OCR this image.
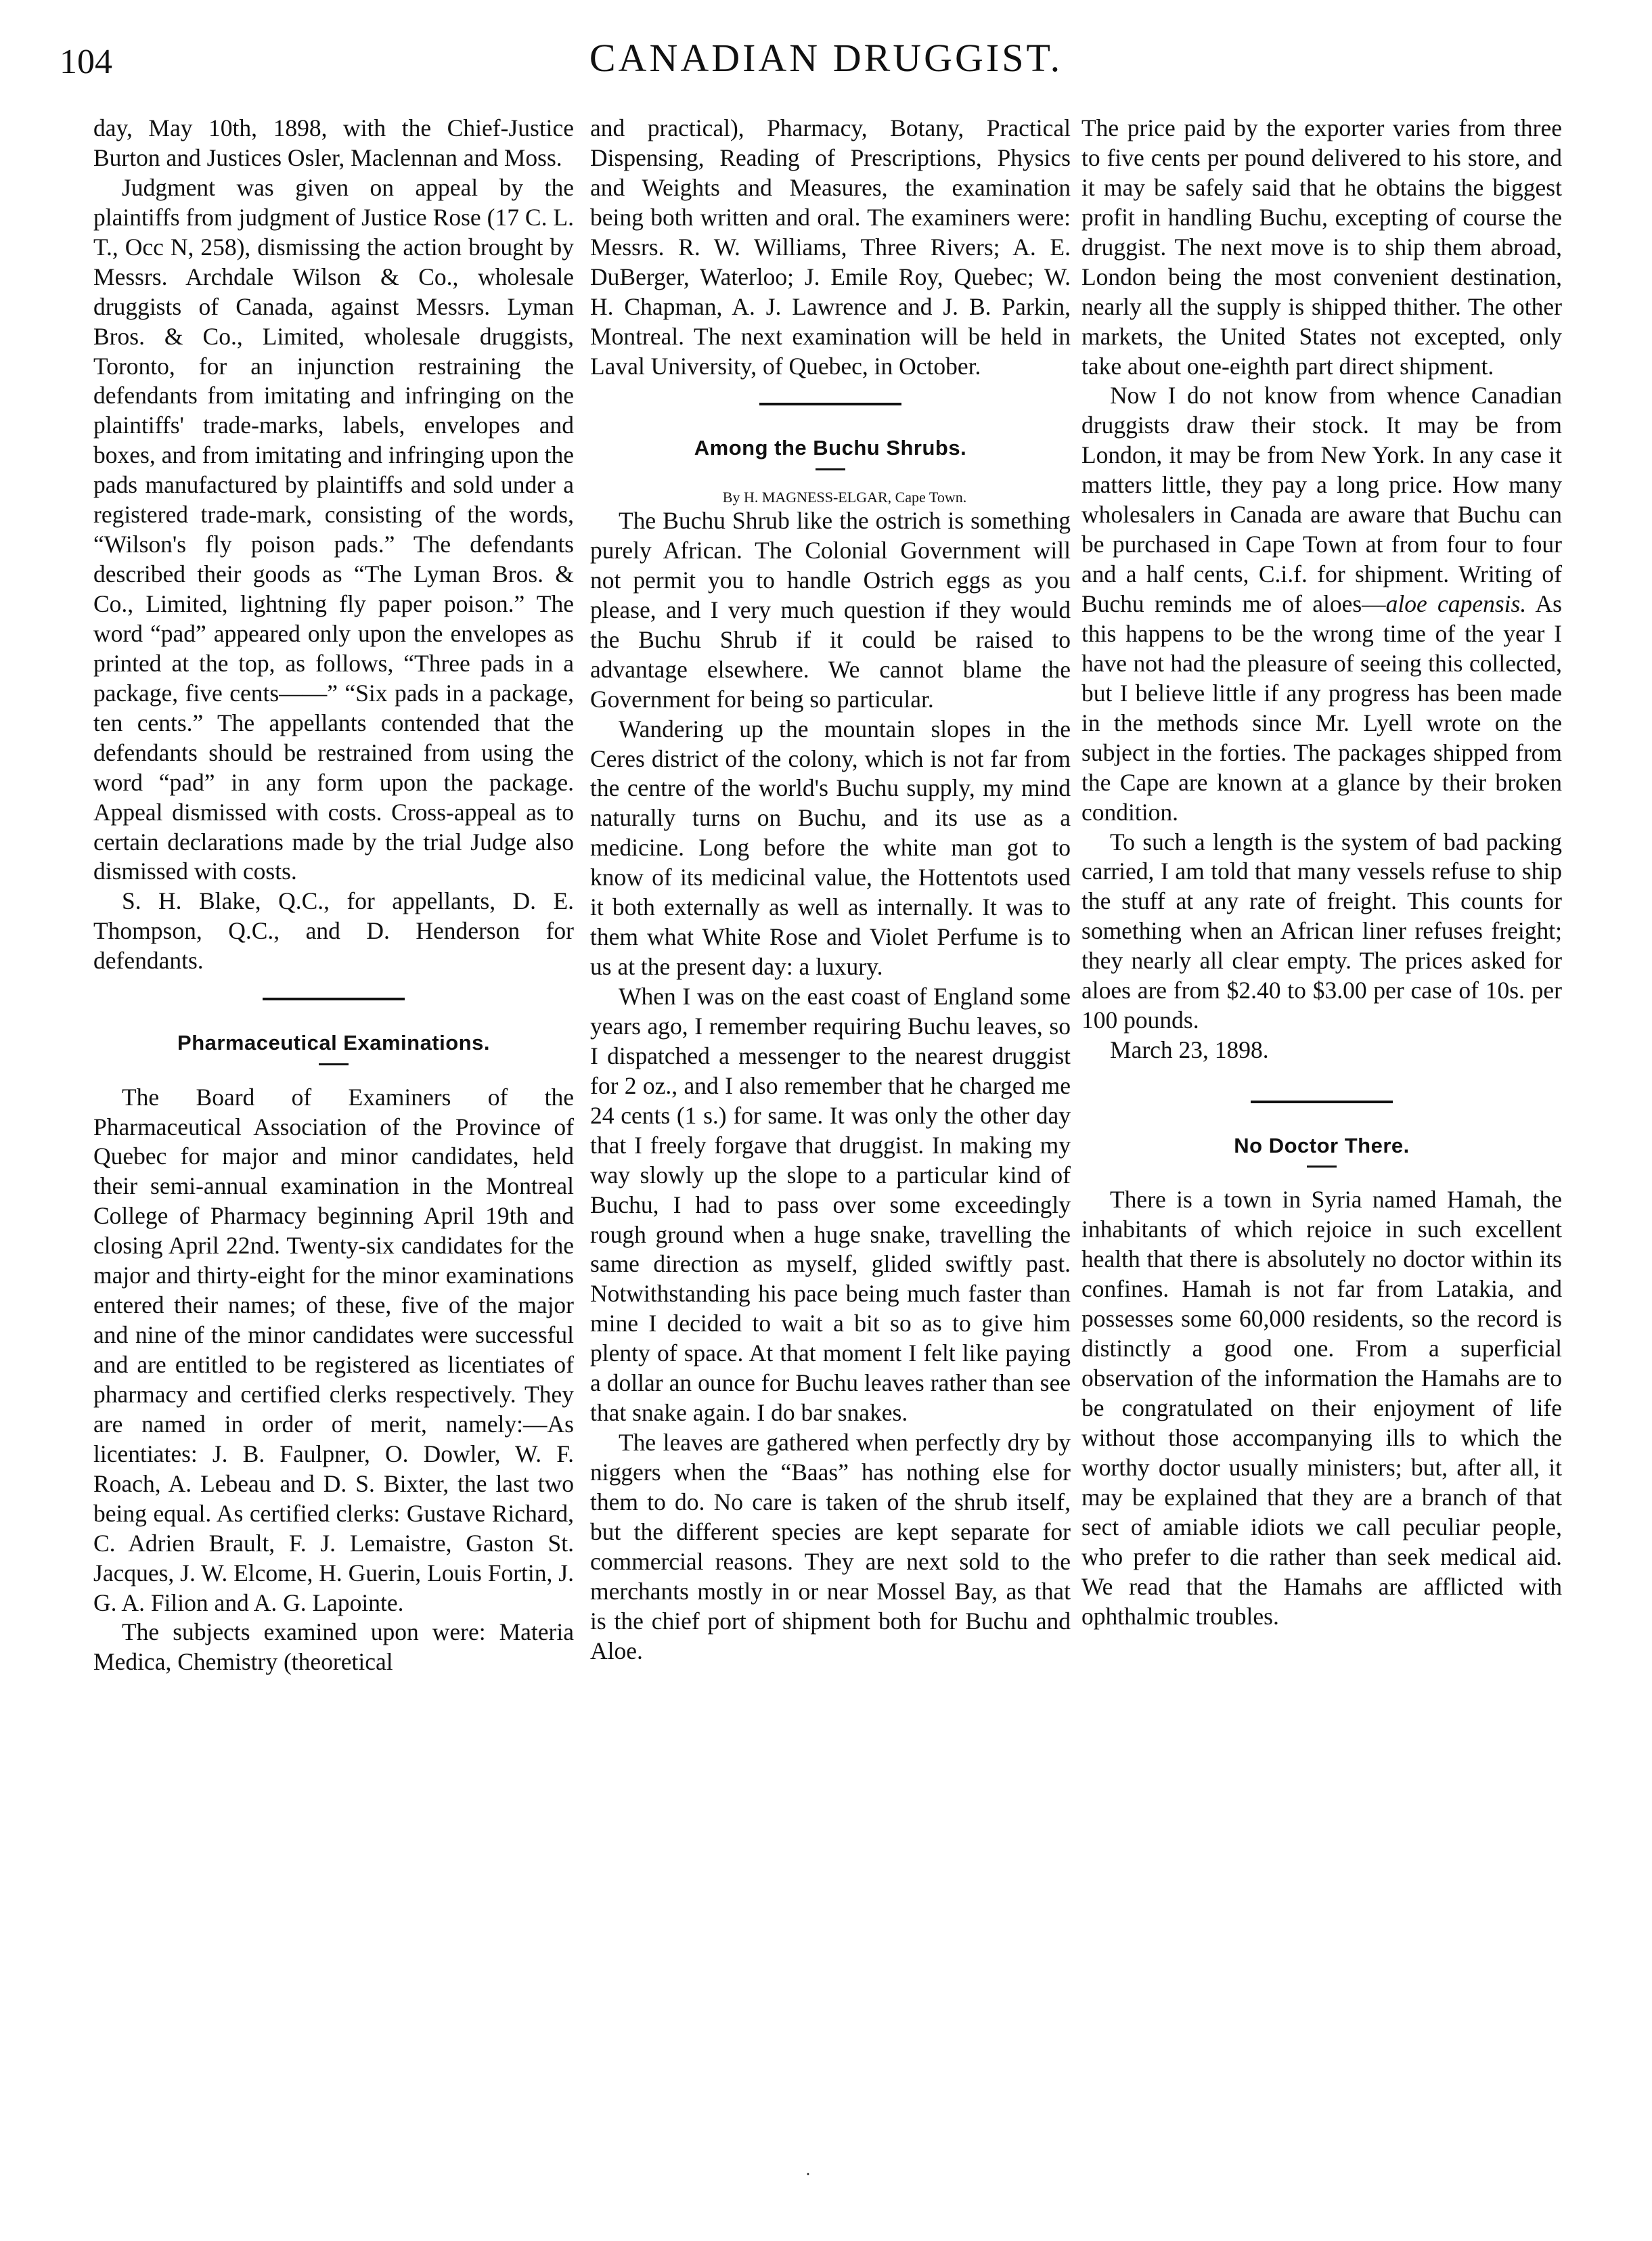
104	CANADIAN DRUGGIST.

day, May 10th, 1898, with the Chief-Justice Burton and Justices Osler, Maclennan and Moss.

Judgment was given on appeal by the plaintiffs from judgment of Justice Rose (17 C. L. T., Occ N, 258), dismissing the action brought by Messrs. Archdale Wilson & Co., wholesale druggists of Canada, against Messrs. Lyman Bros. & Co., Limited, wholesale druggists, Toronto, for an injunction restraining the defendants from imitating and infringing on the plaintiffs' trade-marks, labels, envelopes and boxes, and from imitating and infringing upon the pads manufactured by plaintiffs and sold under a registered trade-mark, consisting of the words, “Wilson's fly poison pads.” The defendants described their goods as “The Lyman Bros. & Co., Limited, lightning fly paper poison.” The word “pad” appeared only upon the envelopes as printed at the top, as follows, “Three pads in a package, five cents——” “Six pads in a package, ten cents.” The appellants contended that the defendants should be restrained from using the word “pad” in any form upon the package. Appeal dismissed with costs. Cross-appeal as to certain declarations made by the trial Judge also dismissed with costs.

S. H. Blake, Q.C., for appellants, D. E. Thompson, Q.C., and D. Henderson for defendants.

Pharmaceutical Examinations.

The Board of Examiners of the Pharmaceutical Association of the Province of Quebec for major and minor candidates, held their semi-annual examination in the Montreal College of Pharmacy beginning April 19th and closing April 22nd. Twenty-six candidates for the major and thirty-eight for the minor examinations entered their names; of these, five of the major and nine of the minor candidates were successful and are entitled to be registered as licentiates of pharmacy and certified clerks respectively. They are named in order of merit, namely:—As licentiates: J. B. Faulpner, O. Dowler, W. F. Roach, A. Lebeau and D. S. Bixter, the last two being equal. As certified clerks: Gustave Richard, C. Adrien Brault, F. J. Lemaistre, Gaston St. Jacques, J. W. Elcome, H. Guerin, Louis Fortin, J. G. A. Filion and A. G. Lapointe.

The subjects examined upon were: Materia Medica, Chemistry (theoretical

and practical), Pharmacy, Botany, Practical Dispensing, Reading of Prescriptions, Physics and Weights and Measures, the examination being both written and oral. The examiners were: Messrs. R. W. Williams, Three Rivers; A. E. DuBerger, Waterloo; J. Emile Roy, Quebec; W. H. Chapman, A. J. Lawrence and J. B. Parkin, Montreal. The next examination will be held in Laval University, of Quebec, in October.

Among the Buchu Shrubs.

By H. MAGNESS-ELGAR, Cape Town.

The Buchu Shrub like the ostrich is something purely African. The Colonial Government will not permit you to handle Ostrich eggs as you please, and I very much question if they would the Buchu Shrub if it could be raised to advantage elsewhere. We cannot blame the Government for being so particular.

Wandering up the mountain slopes in the Ceres district of the colony, which is not far from the centre of the world's Buchu supply, my mind naturally turns on Buchu, and its use as a medicine. Long before the white man got to know of its medicinal value, the Hottentots used it both externally as well as internally. It was to them what White Rose and Violet Perfume is to us at the present day: a luxury.

When I was on the east coast of England some years ago, I remember requiring Buchu leaves, so I dispatched a messenger to the nearest druggist for 2 oz., and I also remember that he charged me 24 cents (1 s.) for same. It was only the other day that I freely forgave that druggist. In making my way slowly up the slope to a particular kind of Buchu, I had to pass over some exceedingly rough ground when a huge snake, travelling the same direction as myself, glided swiftly past. Notwithstanding his pace being much faster than mine I decided to wait a bit so as to give him plenty of space. At that moment I felt like paying a dollar an ounce for Buchu leaves rather than see that snake again. I do bar snakes.

The leaves are gathered when perfectly dry by niggers when the “Baas” has nothing else for them to do. No care is taken of the shrub itself, but the different species are kept separate for commercial reasons. They are next sold to the merchants mostly in or near Mossel Bay, as that is the chief port of shipment both for Buchu and Aloe.

The price paid by the exporter varies from three to five cents per pound delivered to his store, and it may be safely said that he obtains the biggest profit in handling Buchu, excepting of course the druggist. The next move is to ship them abroad, London being the most convenient destination, nearly all the supply is shipped thither. The other markets, the United States not excepted, only take about one-eighth part direct shipment.

Now I do not know from whence Canadian druggists draw their stock. It may be from London, it may be from New York. In any case it matters little, they pay a long price. How many wholesalers in Canada are aware that Buchu can be purchased in Cape Town at from four to four and a half cents, C.i.f. for shipment. Writing of Buchu reminds me of aloes—aloe capensis. As this happens to be the wrong time of the year I have not had the pleasure of seeing this collected, but I believe little if any progress has been made in the methods since Mr. Lyell wrote on the subject in the forties. The packages shipped from the Cape are known at a glance by their broken condition.

To such a length is the system of bad packing carried, I am told that many vessels refuse to ship the stuff at any rate of freight. This counts for something when an African liner refuses freight; they nearly all clear empty. The prices asked for aloes are from $2.40 to $3.00 per case of 10s. per 100 pounds.

March 23, 1898.

No Doctor There.

There is a town in Syria named Hamah, the inhabitants of which rejoice in such excellent health that there is absolutely no doctor within its confines. Hamah is not far from Latakia, and possesses some 60,000 residents, so the record is distinctly a good one. From a superficial observation of the information the Hamahs are to be congratulated on their enjoyment of life without those accompanying ills to which the worthy doctor usually ministers; but, after all, it may be explained that they are a branch of that sect of amiable idiots we call peculiar people, who prefer to die rather than seek medical aid. We read that the Hamahs are afflicted with ophthalmic troubles.

·
